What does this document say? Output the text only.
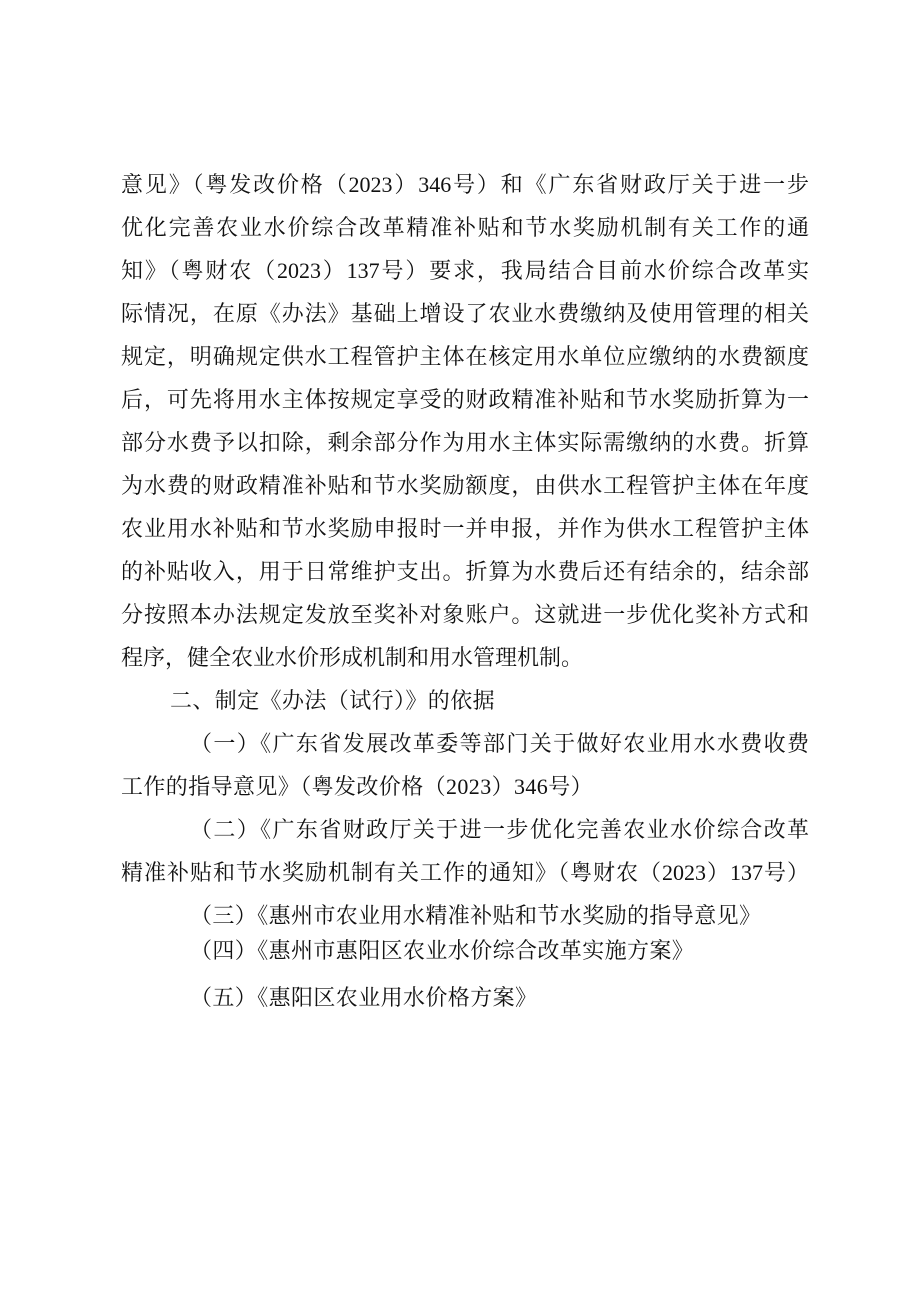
意见》（粤发改价格（2023）346号）和《广东省财政厅关于进一步

优化完善农业水价综合改革精准补贴和节水奖励机制有关工作的通

知》（粤财农（2023）137号）要求，我局结合目前水价综合改革实

际情况，在原《办法》基础上增设了农业水费缴纳及使用管理的相关

规定，明确规定供水工程管护主体在核定用水单位应缴纳的水费额度

后，可先将用水主体按规定享受的财政精准补贴和节水奖励折算为一

部分水费予以扣除，剩余部分作为用水主体实际需缴纳的水费。折算

为水费的财政精准补贴和节水奖励额度，由供水工程管护主体在年度

农业用水补贴和节水奖励申报时一并申报，并作为供水工程管护主体

的补贴收入，用于日常维护支出。折算为水费后还有结余的，结余部

分按照本办法规定发放至奖补对象账户。这就进一步优化奖补方式和

程序，健全农业水价形成机制和用水管理机制。

二、制定《办法（试行）》的依据

（一）《广东省发展改革委等部门关于做好农业用水水费收费

工作的指导意见》（粤发改价格（2023）346号）

（二）《广东省财政厅关于进一步优化完善农业水价综合改革

精准补贴和节水奖励机制有关工作的通知》（粤财农（2023）137号）

（三）《惠州市农业用水精准补贴和节水奖励的指导意见》

（四）《惠州市惠阳区农业水价综合改革实施方案》

（五）《惠阳区农业用水价格方案》
